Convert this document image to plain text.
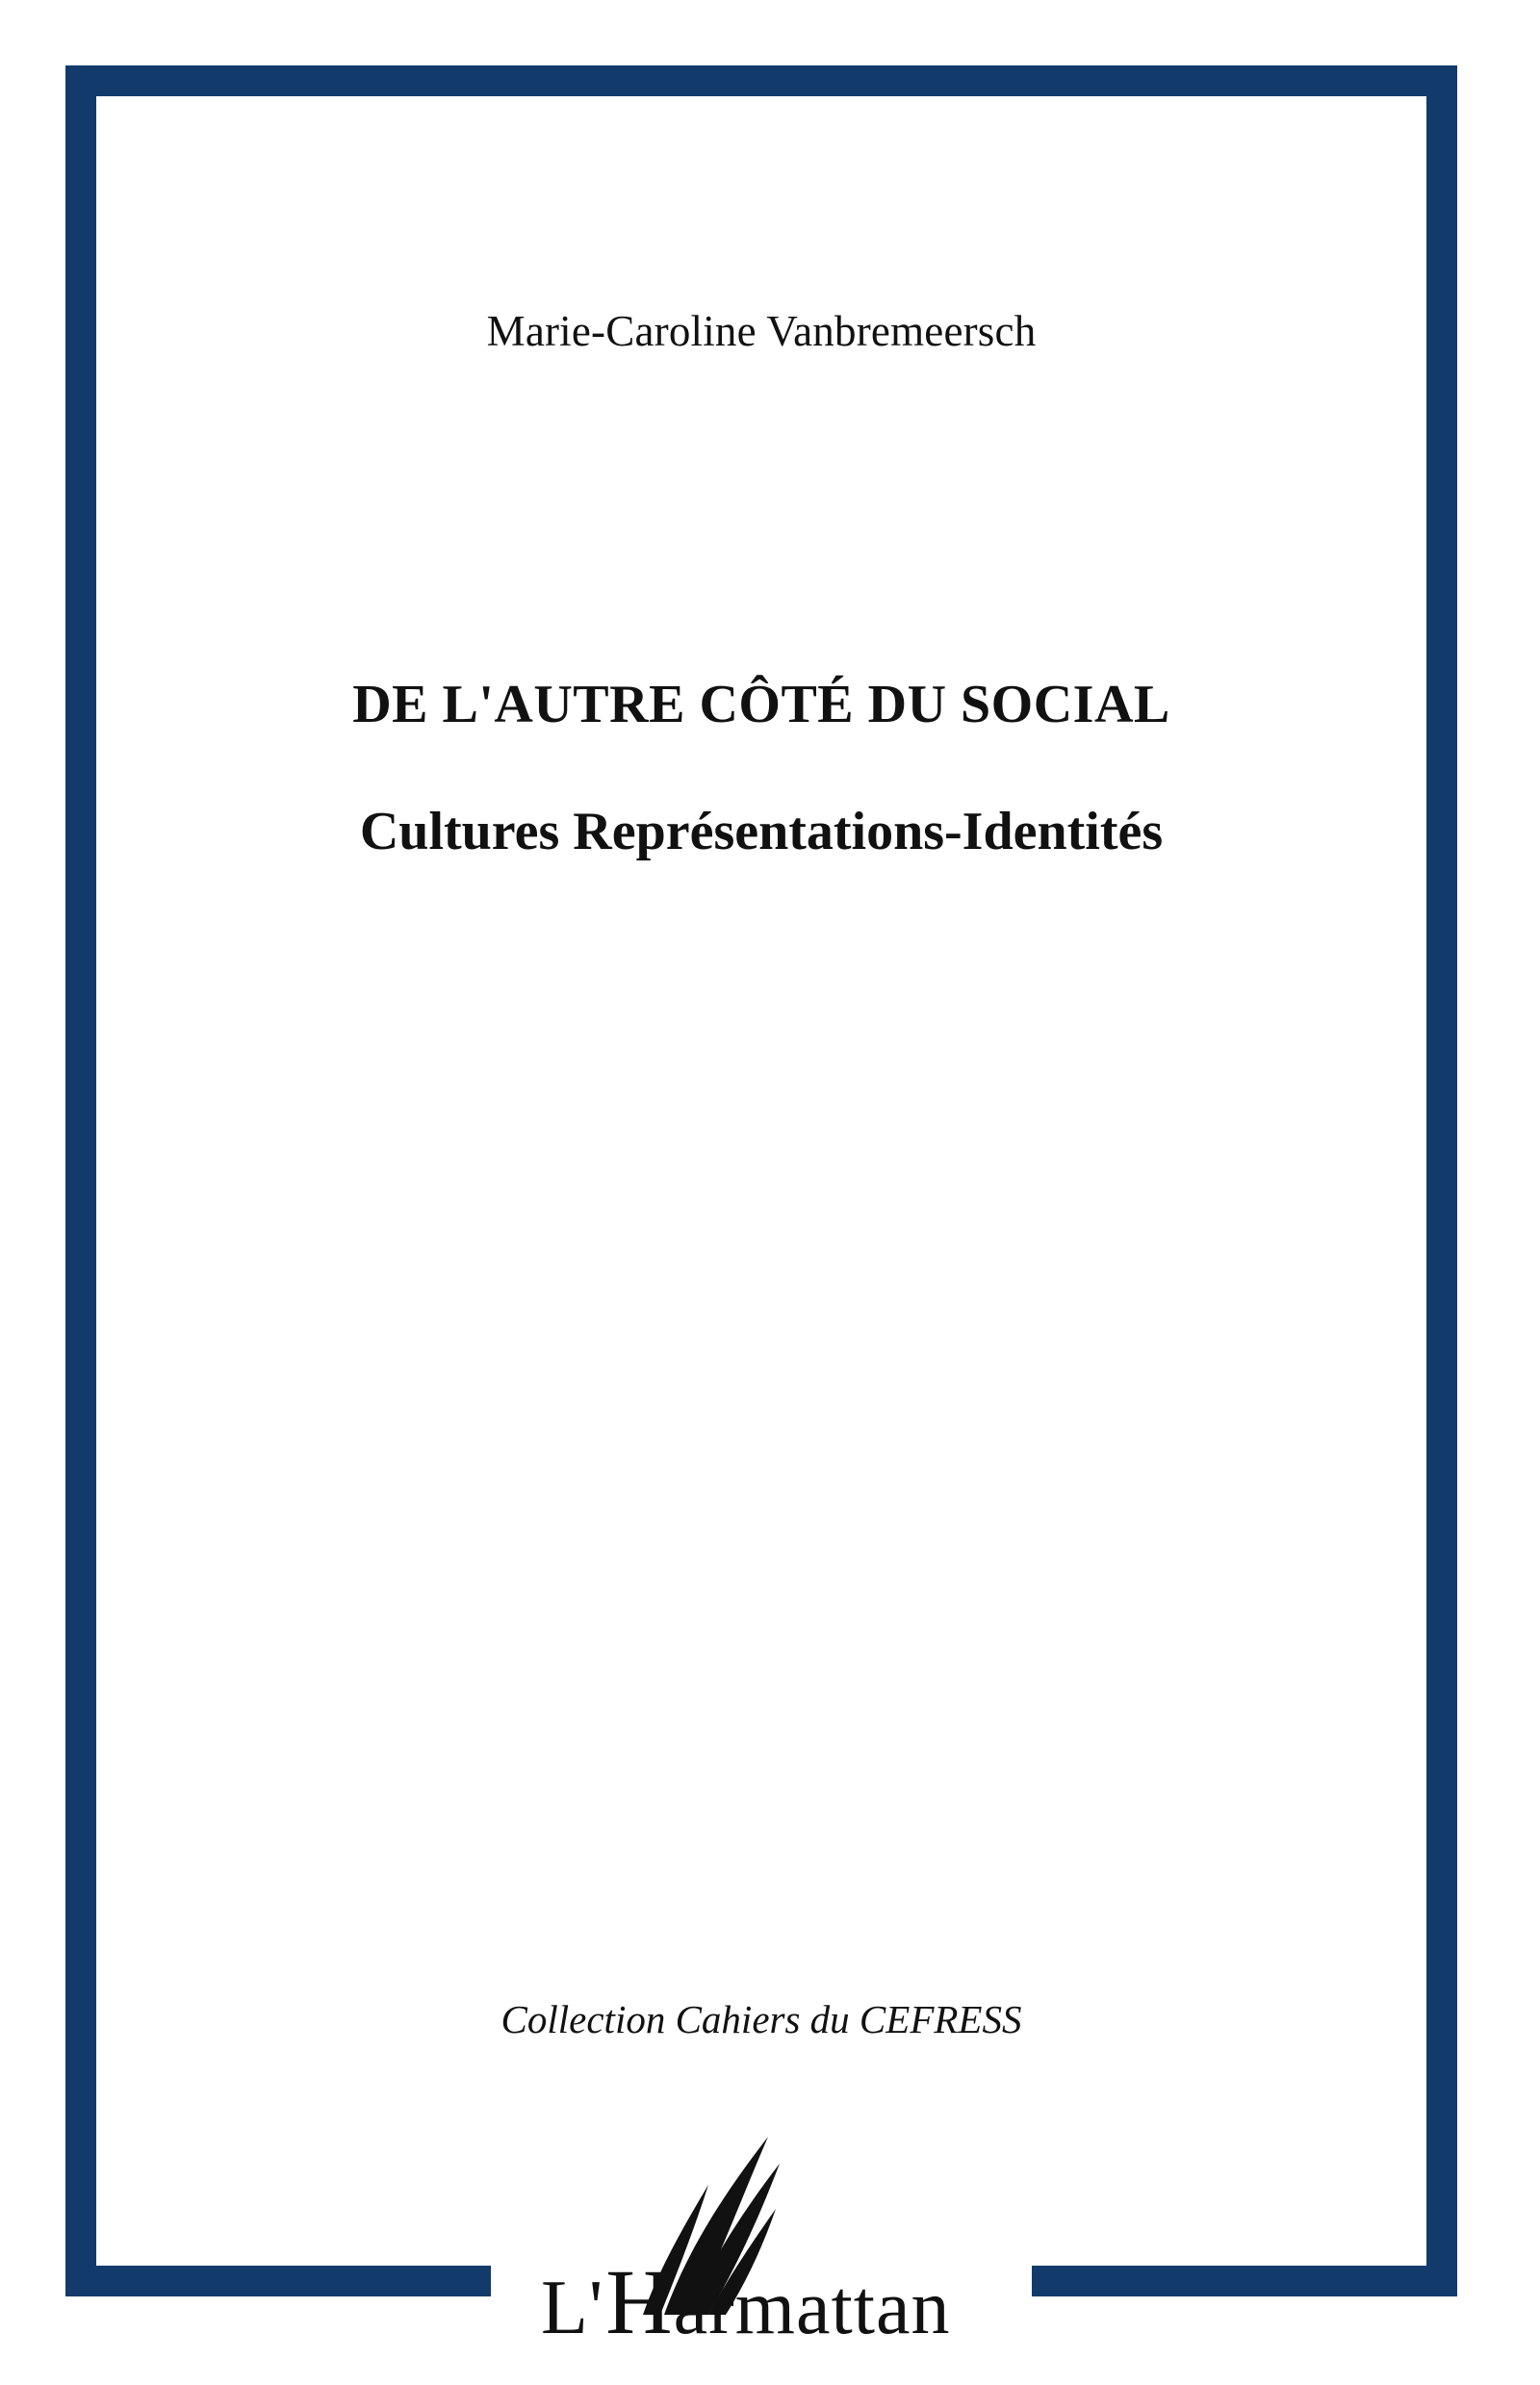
Marie-Caroline Vanbremeersch
DE L'AUTRE CÔTÉ DU SOCIAL
Cultures Représentations-Identités
Collection Cahiers du CEFRESS
L'Harmattan
